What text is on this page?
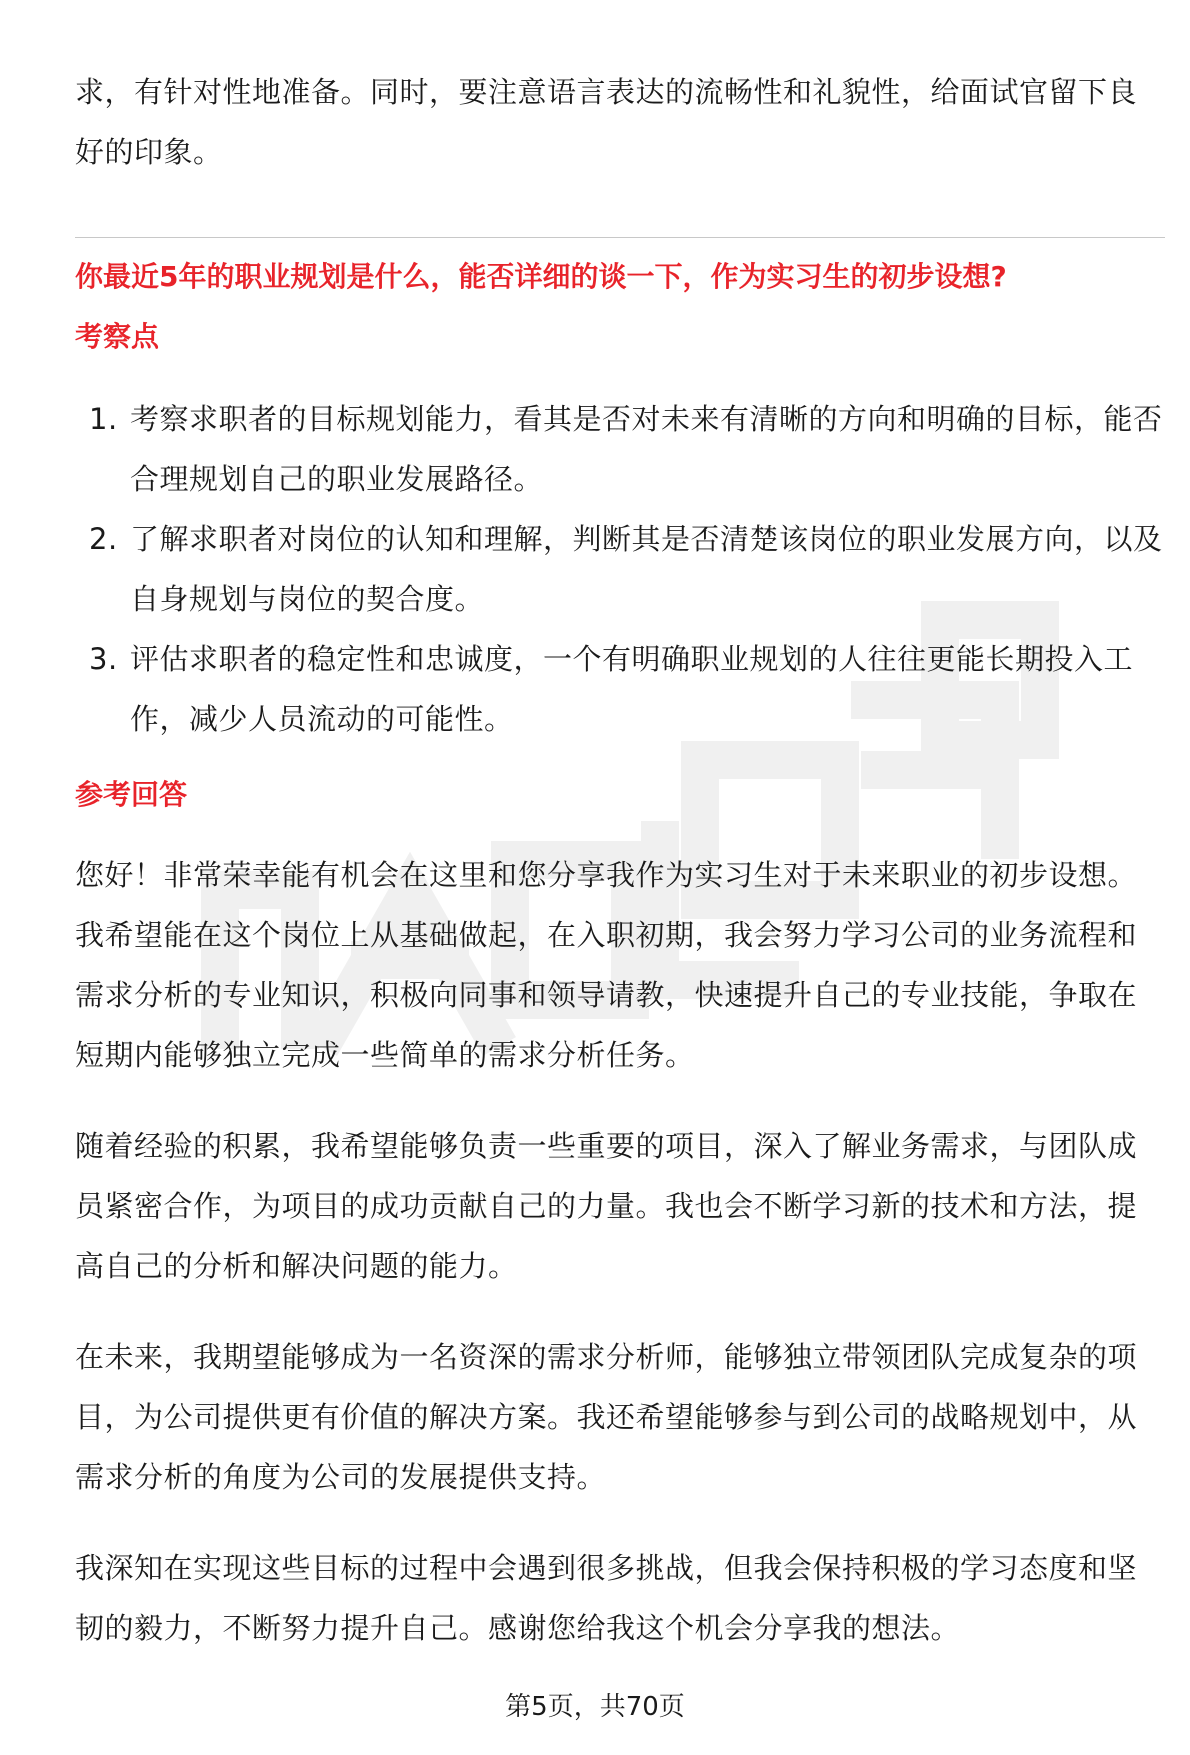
求，有针对性地准备。同时，要注意语言表达的流畅性和礼貌性，给面试官留下良好的印象。

你最近5年的职业规划是什么，能否详细的谈一下，作为实习生的初步设想?

考察点

1. 考察求职者的目标规划能力，看其是否对未来有清晰的方向和明确的目标，能否合理规划自己的职业发展路径。
2. 了解求职者对岗位的认知和理解，判断其是否清楚该岗位的职业发展方向，以及自身规划与岗位的契合度。
3. 评估求职者的稳定性和忠诚度，一个有明确职业规划的人往往更能长期投入工作，减少人员流动的可能性。

参考回答

您好！非常荣幸能有机会在这里和您分享我作为实习生对于未来职业的初步设想。我希望能在这个岗位上从基础做起，在入职初期，我会努力学习公司的业务流程和需求分析的专业知识，积极向同事和领导请教，快速提升自己的专业技能，争取在短期内能够独立完成一些简单的需求分析任务。

随着经验的积累，我希望能够负责一些重要的项目，深入了解业务需求，与团队成员紧密合作，为项目的成功贡献自己的力量。我也会不断学习新的技术和方法，提高自己的分析和解决问题的能力。

在未来，我期望能够成为一名资深的需求分析师，能够独立带领团队完成复杂的项目，为公司提供更有价值的解决方案。我还希望能够参与到公司的战略规划中，从需求分析的角度为公司的发展提供支持。

我深知在实现这些目标的过程中会遇到很多挑战，但我会保持积极的学习态度和坚韧的毅力，不断努力提升自己。感谢您给我这个机会分享我的想法。

第5页，共70页
